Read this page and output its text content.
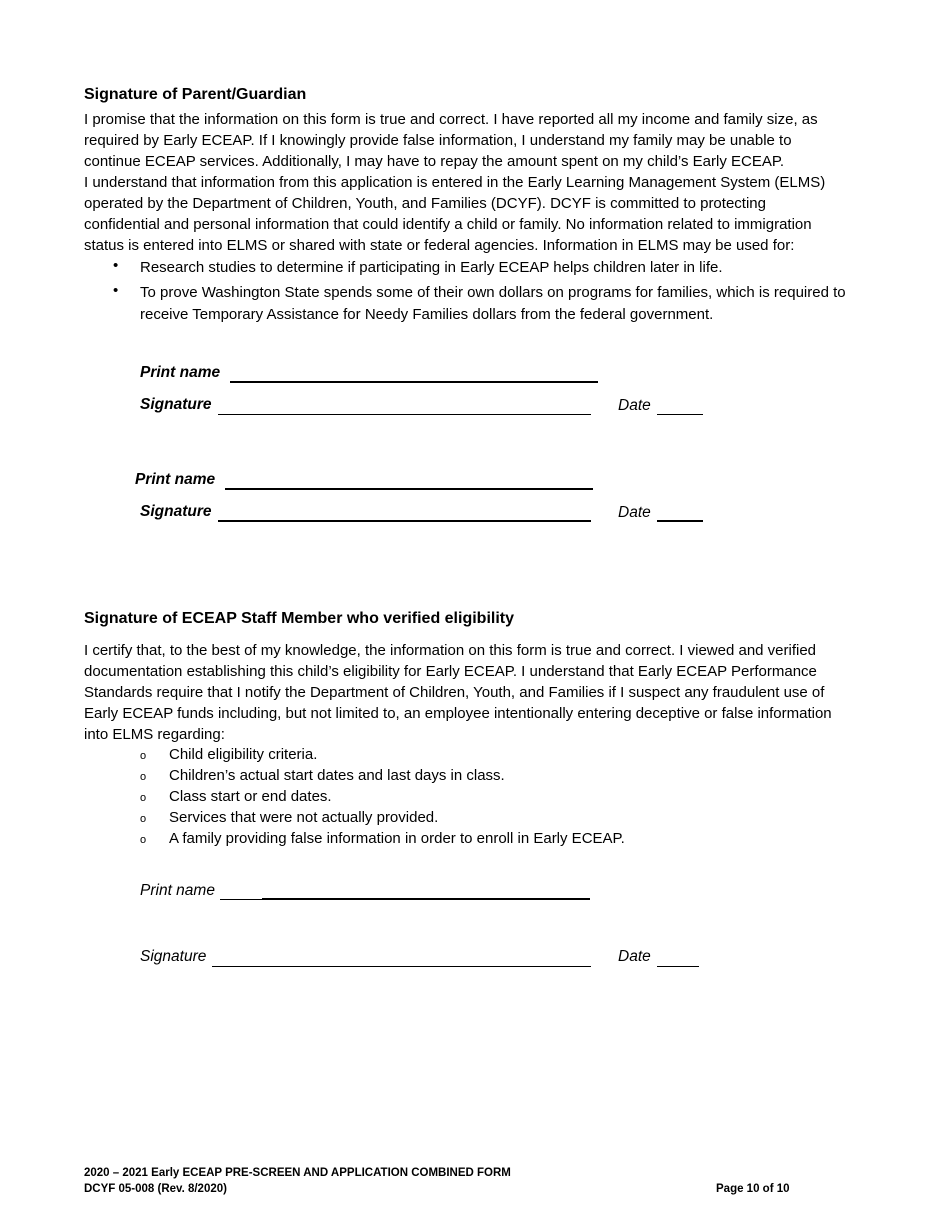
Signature of Parent/Guardian
I promise that the information on this form is true and correct. I have reported all my income and family size, as
required by Early ECEAP. If I knowingly provide false information, I understand my family may be unable to
continue ECEAP services. Additionally, I may have to repay the amount spent on my child’s Early ECEAP.
I understand that information from this application is entered in the Early Learning Management System (ELMS)
operated by the Department of Children, Youth, and Families (DCYF). DCYF is committed to protecting
confidential and personal information that could identify a child or family. No information related to immigration
status is entered into ELMS or shared with state or federal agencies. Information in ELMS may be used for:
• Research studies to determine if participating in Early ECEAP helps children later in life.
• To prove Washington State spends some of their own dollars on programs for families, which is required to receive Temporary Assistance for Needy Families dollars from the federal government.
Print name
Signature	Date
Print name
Signature	Date
Signature of ECEAP Staff Member who verified eligibility
I certify that, to the best of my knowledge, the information on this form is true and correct. I viewed and verified
documentation establishing this child’s eligibility for Early ECEAP. I understand that Early ECEAP Performance
Standards require that I notify the Department of Children, Youth, and Families if I suspect any fraudulent use of
Early ECEAP funds including, but not limited to, an employee intentionally entering deceptive or false information
into ELMS regarding:
o Child eligibility criteria.
o Children’s actual start dates and last days in class.
o Class start or end dates.
o Services that were not actually provided.
o A family providing false information in order to enroll in Early ECEAP.
Print name
Signature	Date
2020 – 2021 Early ECEAP PRE-SCREEN AND APPLICATION COMBINED FORM
DCYF 05-008 (Rev. 8/2020)	Page 10 of 10
